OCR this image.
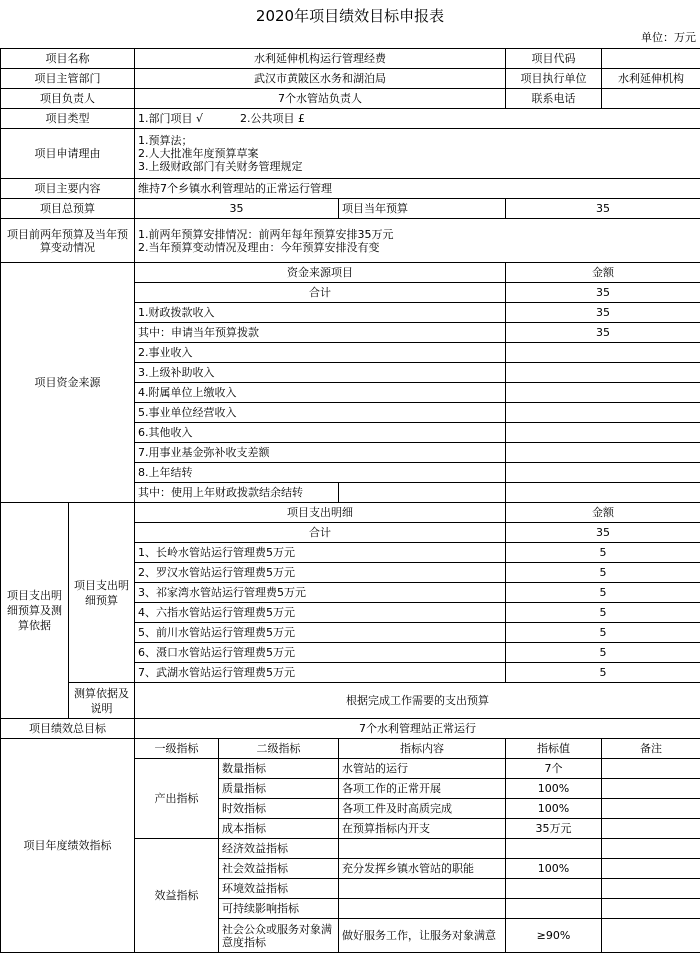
2020年项目绩效目标申报表
单位：万元
项目名称		水利延伸机构运行管理经费			项目代码	
项目主管部门		武汉市黄陂区水务和湖泊局			项目执行单位	水利延伸机构
项目负责人		7个水管站负责人			联系电话	
项目类型		1.部门项目 √ 2.公共项目 £				
项目申请理由		1.预算法；
2.人大批准年度预算草案
3.上级财政部门有关财务管理规定				

项目主要内容		维持7个乡镇水利管理站的正常运行管理				
项目总预算		35		项目当年预算	35	
项目前两年预算及当年预算变动情况		1.前两年预算安排情况：前两年每年预算安排35万元
2.当年预算变动情况及理由：今年预算安排没有变				

项目资金来源		资金来源项目			金额	
		合计			35	
		1.财政拨款收入			35	
		其中：申请当年预算拨款			35	
		2.事业收入				
		3.上级补助收入				
		4.附属单位上缴收入				
		5.事业单位经营收入				
		6.其他收入				
		7.用事业基金弥补收支差额				
		8.上年结转				
		其中：使用上年财政拨款结余结转				
项目支出明细预算及测算依据	项目支出明细预算	项目支出明细			金额	
		合计			35	
		1、长岭水管站运行管理费5万元			5	
		2、罗汉水管站运行管理费5万元			5	
		3、祁家湾水管站运行管理费5万元			5	
		4、六指水管站运行管理费5万元			5	
		5、前川水管站运行管理费5万元			5	
		6、滠口水管站运行管理费5万元			5	
		7、武湖水管站运行管理费5万元			5	
	测算依据及说明	根据完成工作需要的支出预算				
项目绩效总目标		7个水利管理站正常运行				
项目年度绩效指标		一级指标	二级指标	指标内容	指标值	备注
		产出指标	数量指标	水管站的运行	7个	
			质量指标	各项工作的正常开展	100%	
			时效指标	各项工件及时高质完成	100%	
			成本指标	在预算指标内开支	35万元	
		效益指标	经济效益指标			
			社会效益指标	充分发挥乡镇水管站的职能	100%	
			环境效益指标			
			可持续影响指标			
			社会公众或服务对象满意度指标	做好服务工作，让服务对象满意	≥90%	
